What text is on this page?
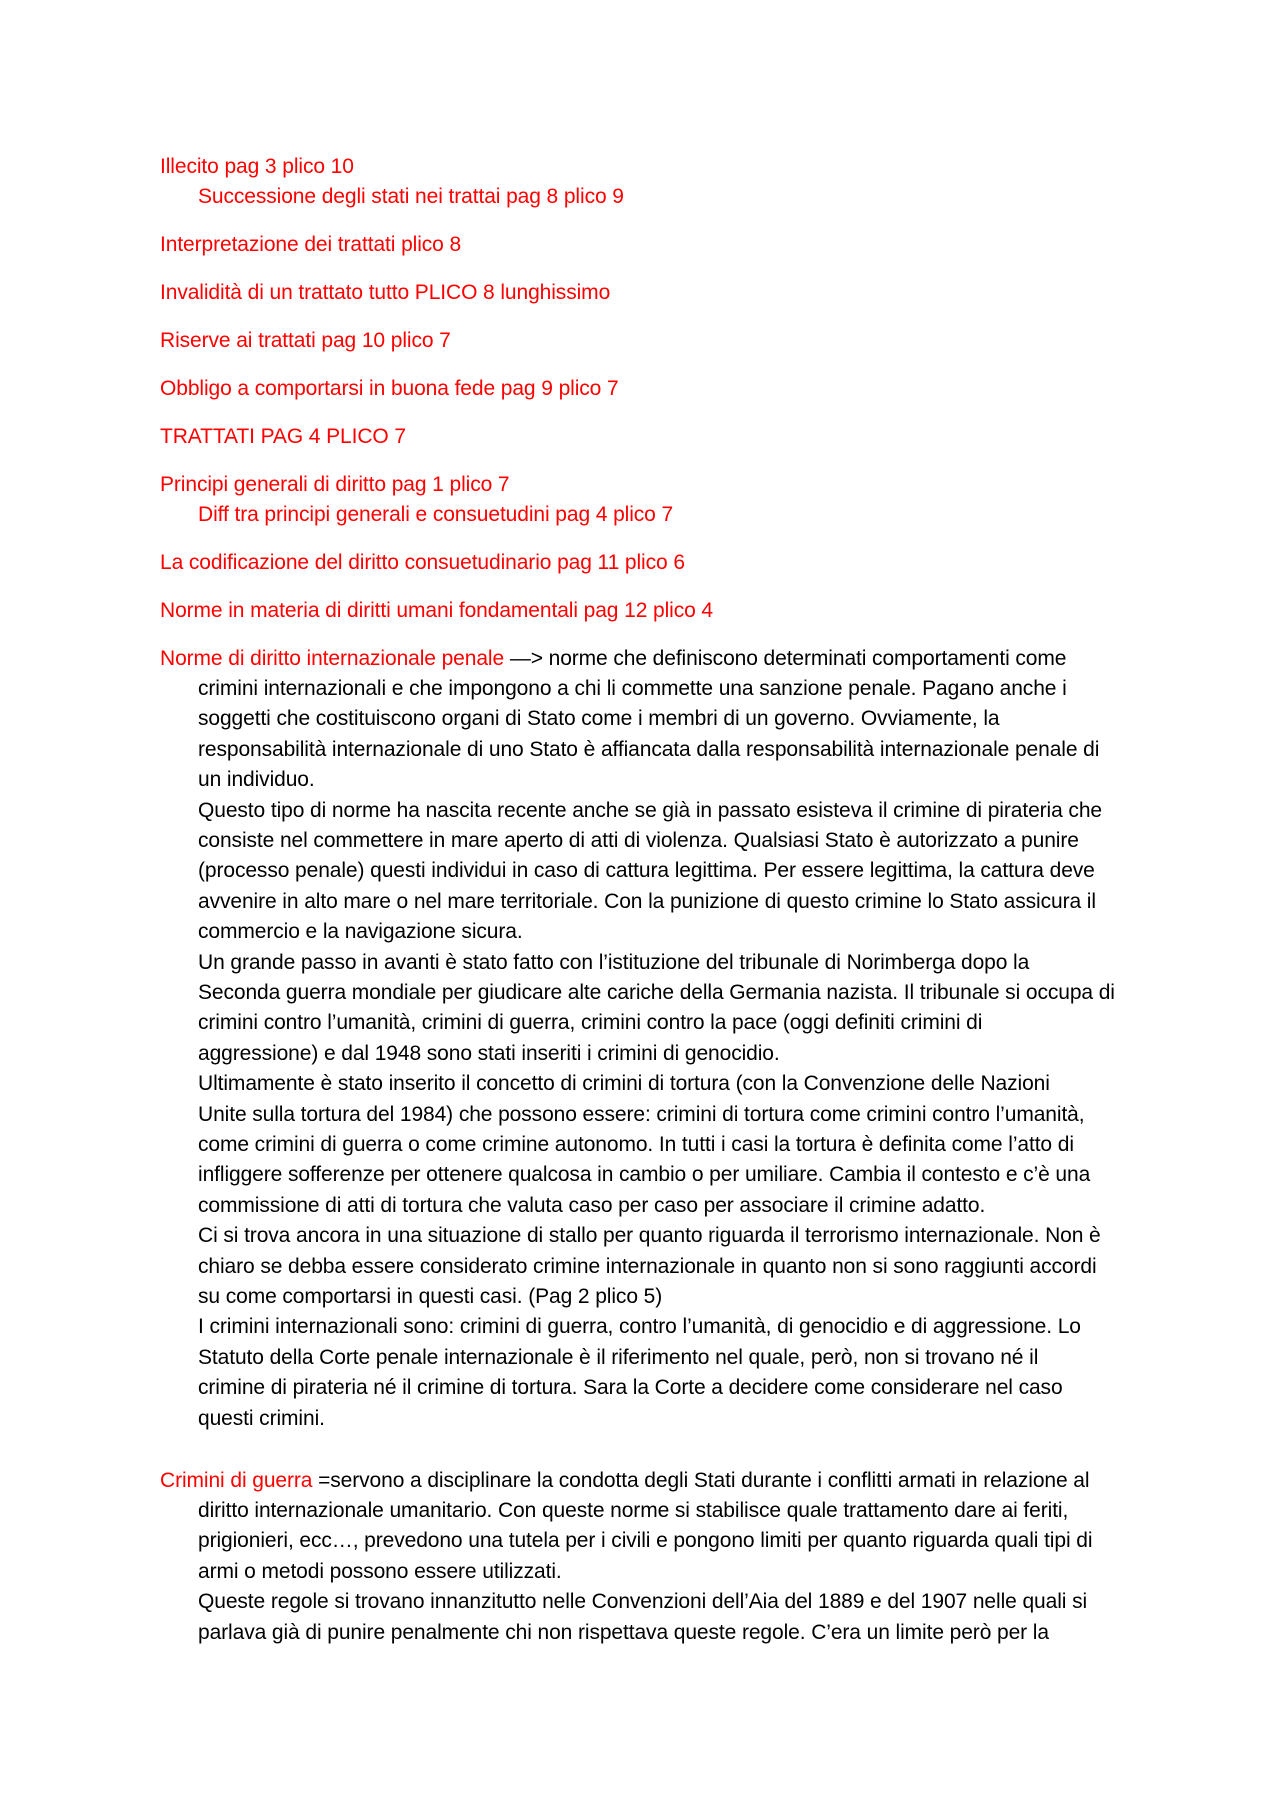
Illecito pag 3 plico 10
Successione degli stati nei trattai pag 8 plico 9
Interpretazione dei trattati plico 8
Invalidità di un trattato tutto PLICO 8 lunghissimo
Riserve ai trattati pag 10 plico 7
Obbligo a comportarsi in buona fede pag 9 plico 7
TRATTATI PAG 4 PLICO 7
Principi generali di diritto pag 1 plico 7
Diff tra principi generali e consuetudini pag 4 plico 7
La codificazione del diritto consuetudinario pag 11 plico 6
Norme in materia di diritti umani fondamentali pag 12 plico 4
Norme di diritto internazionale penale —> norme che definiscono determinati comportamenti come
crimini internazionali e che impongono a chi li commette una sanzione penale. Pagano anche i
soggetti che costituiscono organi di Stato come i membri di un governo. Ovviamente, la
responsabilità internazionale di uno Stato è affiancata dalla responsabilità internazionale penale di
un individuo.
Questo tipo di norme ha nascita recente anche se già in passato esisteva il crimine di pirateria che
consiste nel commettere in mare aperto di atti di violenza. Qualsiasi Stato è autorizzato a punire
(processo penale) questi individui in caso di cattura legittima. Per essere legittima, la cattura deve
avvenire in alto mare o nel mare territoriale. Con la punizione di questo crimine lo Stato assicura il
commercio e la navigazione sicura.
Un grande passo in avanti è stato fatto con l’istituzione del tribunale di Norimberga dopo la
Seconda guerra mondiale per giudicare alte cariche della Germania nazista. Il tribunale si occupa di
crimini contro l’umanità, crimini di guerra, crimini contro la pace (oggi definiti crimini di
aggressione) e dal 1948 sono stati inseriti i crimini di genocidio.
Ultimamente è stato inserito il concetto di crimini di tortura (con la Convenzione delle Nazioni
Unite sulla tortura del 1984) che possono essere: crimini di tortura come crimini contro l’umanità,
come crimini di guerra o come crimine autonomo. In tutti i casi la tortura è definita come l’atto di
infliggere sofferenze per ottenere qualcosa in cambio o per umiliare. Cambia il contesto e c’è una
commissione di atti di tortura che valuta caso per caso per associare il crimine adatto.
Ci si trova ancora in una situazione di stallo per quanto riguarda il terrorismo internazionale. Non è
chiaro se debba essere considerato crimine internazionale in quanto non si sono raggiunti accordi
su come comportarsi in questi casi. (Pag 2 plico 5)
I crimini internazionali sono: crimini di guerra, contro l’umanità, di genocidio e di aggressione. Lo
Statuto della Corte penale internazionale è il riferimento nel quale, però, non si trovano né il
crimine di pirateria né il crimine di tortura. Sara la Corte a decidere come considerare nel caso
questi crimini.
Crimini di guerra =servono a disciplinare la condotta degli Stati durante i conflitti armati in relazione al
diritto internazionale umanitario. Con queste norme si stabilisce quale trattamento dare ai feriti,
prigionieri, ecc…, prevedono una tutela per i civili e pongono limiti per quanto riguarda quali tipi di
armi o metodi possono essere utilizzati.
Queste regole si trovano innanzitutto nelle Convenzioni dell’Aia del 1889 e del 1907 nelle quali si
parlava già di punire penalmente chi non rispettava queste regole. C’era un limite però per la
